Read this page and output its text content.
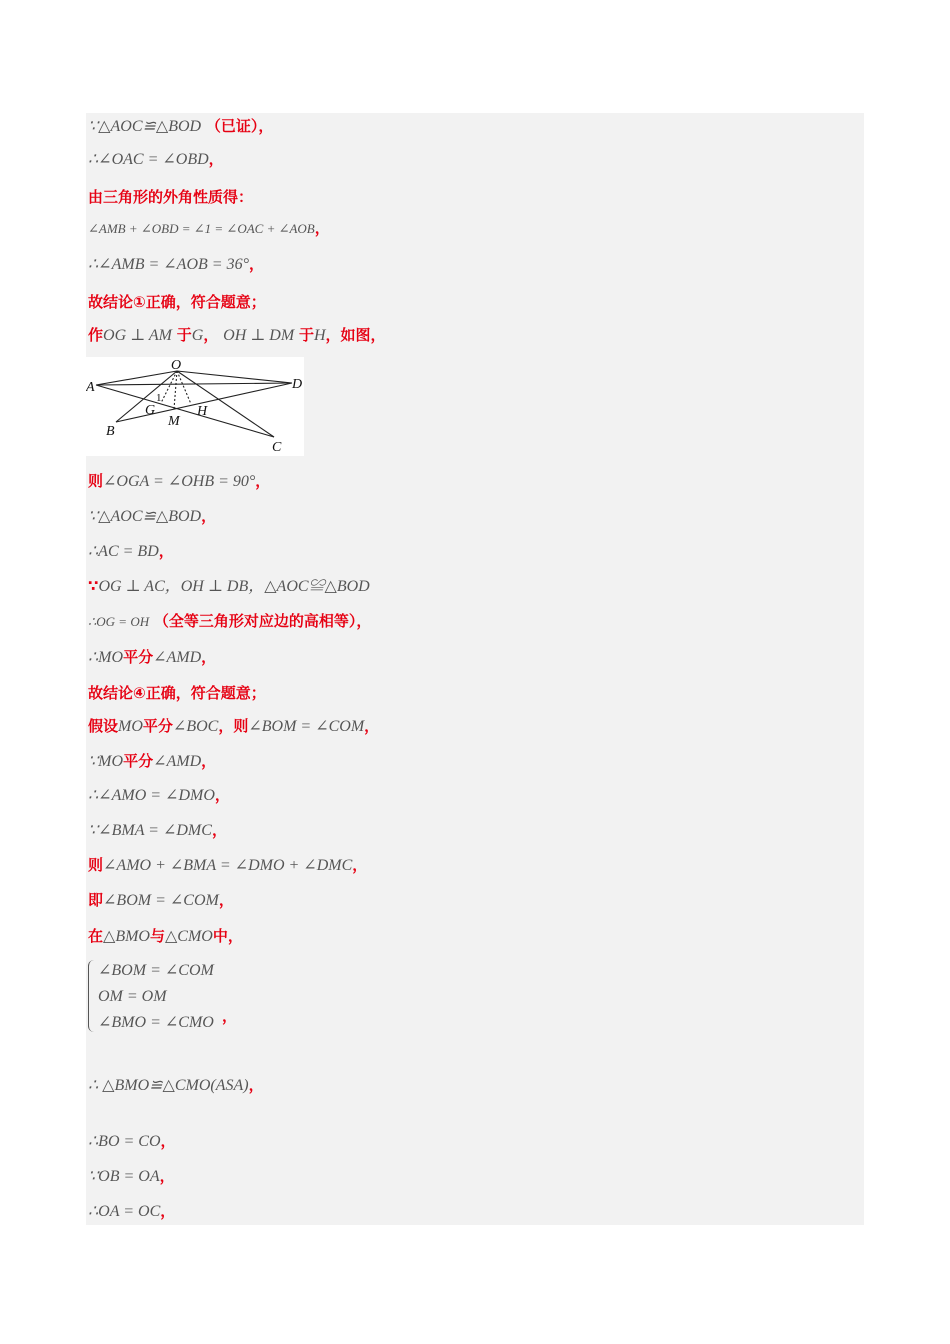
∵△AOC≌△BOD （已证），
∴∠OAC = ∠OBD，
由三角形的外角性质得：
∠AMB + ∠OBD = ∠1 = ∠OAC + ∠AOB，
∴∠AMB = ∠AOB = 36°，
故结论①正确，符合题意；
作OG ⊥ AM 于G， OH ⊥ DM 于H，如图，
A
O
D
G	H
1
B
M
C
则∠OGA = ∠OHB = 90°，
∵△AOC≌△BOD，
∴AC = BD，
∵OG ⊥ AC，OH ⊥ DB，△AOC≌△BOD
∴OG = OH （全等三角形对应边的高相等），
∴MO平分∠AMD，
故结论④正确，符合题意；
假设MO平分∠BOC，则∠BOM = ∠COM，
∵MO平分∠AMD，
∴∠AMO = ∠DMO，
∵∠BMA = ∠DMC，
则∠AMO + ∠BMA = ∠DMO + ∠DMC，
即∠BOM = ∠COM，
在△BMO与△CMO中，
∠BOM = ∠COM
OM = OM
∠BMO = ∠CMO ，
∴ △BMO≌△CMO(ASA)，
∴BO = CO，
∵OB = OA，
∴OA = OC，
